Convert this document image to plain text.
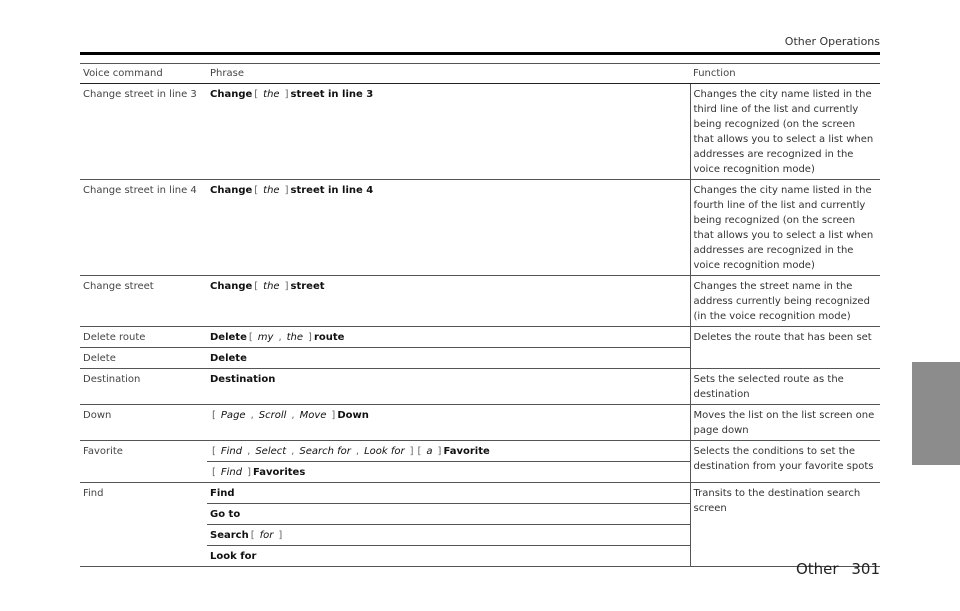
Other Operations
Voice command	Phrase	Function
Change street in line 3	Change [ the ] street in line 3	Changes the city name listed in the third line of the list and currently being recognized (on the screen that allows you to select a list when addresses are recognized in the voice recognition mode)
Change street in line 4	Change [ the ] street in line 4	Changes the city name listed in the fourth line of the list and currently being recognized (on the screen that allows you to select a list when addresses are recognized in the voice recognition mode)
Change street	Change [ the ] street	Changes the street name in the address currently being recognized (in the voice recognition mode)
Delete route	Delete [ my , the ] route	Deletes the route that has been set
Delete	Delete	
Destination	Destination	Sets the selected route as the destination
Down	[ Page , Scroll , Move ] Down	Moves the list on the list screen one page down
Favorite	[ Find , Select , Search for , Look for ] [ a ] Favorite	Selects the conditions to set the destination from your favorite spots
	[ Find ] Favorites	
Find	Find	Transits to the destination search screen
	Go to	
	Search [ for ]	
	Look for	
Other 301
